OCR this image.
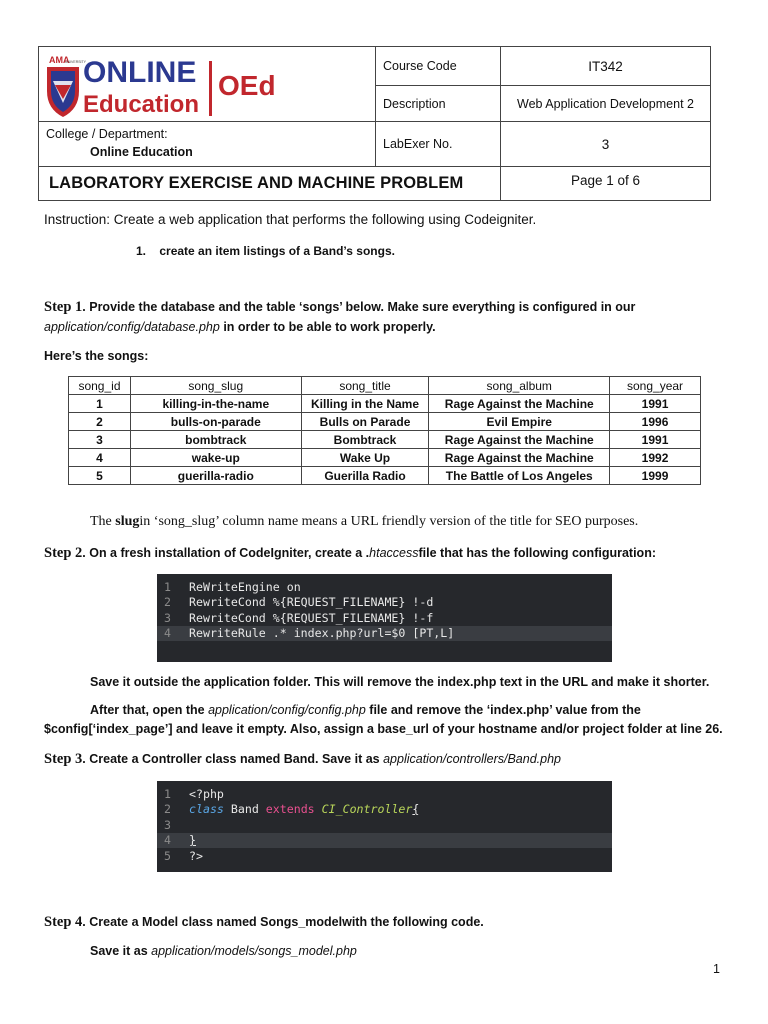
AMA
UNIVERSITY
ONLINE
Education
OEd
Course Code	IT342
Description	Web Application Development 2
College / Department:
Online Education
LabExer No.	3
LABORATORY EXERCISE AND MACHINE PROBLEM	Page 1 of 6
Instruction: Create a web application that performs the following using Codeigniter.
1.    create an item listings of a Band’s songs.
Step 1. Provide the database and the table ‘songs’ below. Make sure everything is configured in our
application/config/database.php in order to be able to work properly.
Here’s the songs:
song_id	song_slug	song_title	song_album	song_year
1	killing-in-the-name	Killing in the Name	Rage Against the Machine	1991
2	bulls-on-parade	Bulls on Parade	Evil Empire	1996
3	bombtrack	Bombtrack	Rage Against the Machine	1991
4	wake-up	Wake Up	Rage Against the Machine	1992
5	guerilla-radio	Guerilla Radio	The Battle of Los Angeles	1999
The slugin ‘song_slug’ column name means a URL friendly version of the title for SEO purposes.
Step 2. On a fresh installation of CodeIgniter, create a .htaccessfile that has the following configuration:
1	ReWriteEngine on
2	RewriteCond %{REQUEST_FILENAME} !-d
3	RewriteCond %{REQUEST_FILENAME} !-f
4	RewriteRule .* index.php?url=$0 [PT,L]
Save it outside the application folder. This will remove the index.php text in the URL and make it shorter.
After that, open the application/config/config.php file and remove the ‘index.php’ value from the
$config[‘index_page’] and leave it empty. Also, assign a base_url of your hostname and/or project folder at line 26.
Step 3. Create a Controller class named Band. Save it as application/controllers/Band.php
1	<?php
2	class Band extends
CI_Controller {
3
4	}
5	?>
Step 4. Create a Model class named Songs_modelwith the following code.
Save it as application/models/songs_model.php
1
